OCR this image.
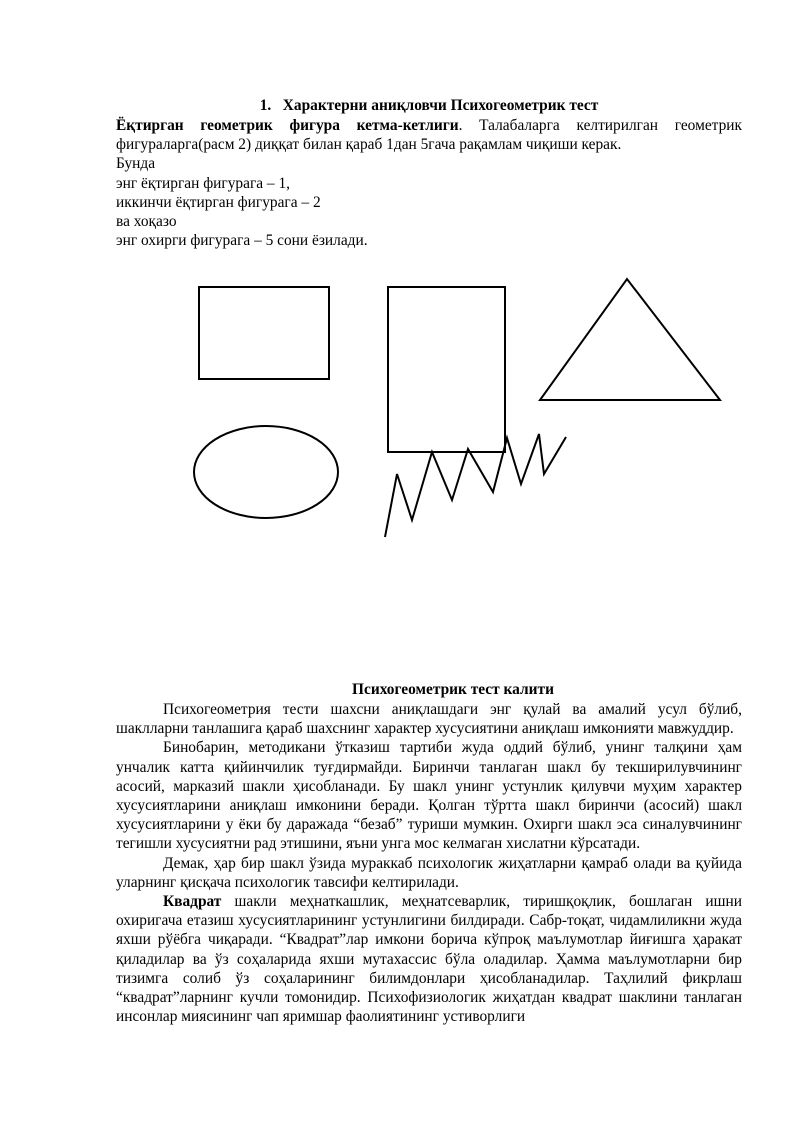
1. Характерни аниқловчи Психогеометрик тест

Ёқтирган геометрик фигура кетма-кетлиги. Талабаларга келтирилган геометрик фигураларга(расм 2) диққат билан қараб 1дан 5гача рақамлам чиқиши керак.

Бунда

энг ёқтирган фигурага – 1,

иккинчи ёқтирган фигурага – 2

ва хоқазо

энг охирги фигурага – 5 сони ёзилади.

Психогеометрик тест калити

Психогеометрия тести шахсни аниқлашдаги энг қулай ва амалий усул бўлиб, шаклларни танлашига қараб шахснинг характер хусусиятини аниқлаш имконияти мавжуддир.

Бинобарин, методикани ўтказиш тартиби жуда оддий бўлиб, унинг талқини ҳам унчалик катта қийинчилик туғдирмайди. Биринчи танлаган шакл бу текширилувчининг асосий, марказий шакли ҳисобланади. Бу шакл унинг устунлик қилувчи муҳим характер хусусиятларини аниқлаш имконини беради. Қолган тўртта шакл биринчи (асосий) шакл хусусиятларини у ёки бу даражада “безаб” туриши мумкин. Охирги шакл эса синалувчининг тегишли хусусиятни рад этишини, яъни унга мос келмаган хислатни кўрсатади.

Демак, ҳар бир шакл ўзида мураккаб психологик жиҳатларни қамраб олади ва қуйида уларнинг қисқача психологик тавсифи келтирилади.

Квадрат шакли меҳнаткашлик, меҳнатсеварлик, тиришқоқлик, бошлаган ишни охиригача етазиш хусусиятларининг устунлигини билдиради. Сабр-тоқат, чидамлиликни жуда яхши рўёбга чиқаради. “Квадрат”лар имкони борича кўпроқ маълумотлар йиғишга ҳаракат қиладилар ва ўз соҳаларида яхши мутахассис бўла оладилар. Ҳамма маълумотларни бир тизимга солиб ўз соҳаларининг билимдонлари ҳисобланадилар. Таҳлилий фикрлаш “квадрат”ларнинг кучли томонидир. Психофизиологик жиҳатдан квадрат шаклини танлаган инсонлар миясининг чап яримшар фаолиятининг устиворлиги
